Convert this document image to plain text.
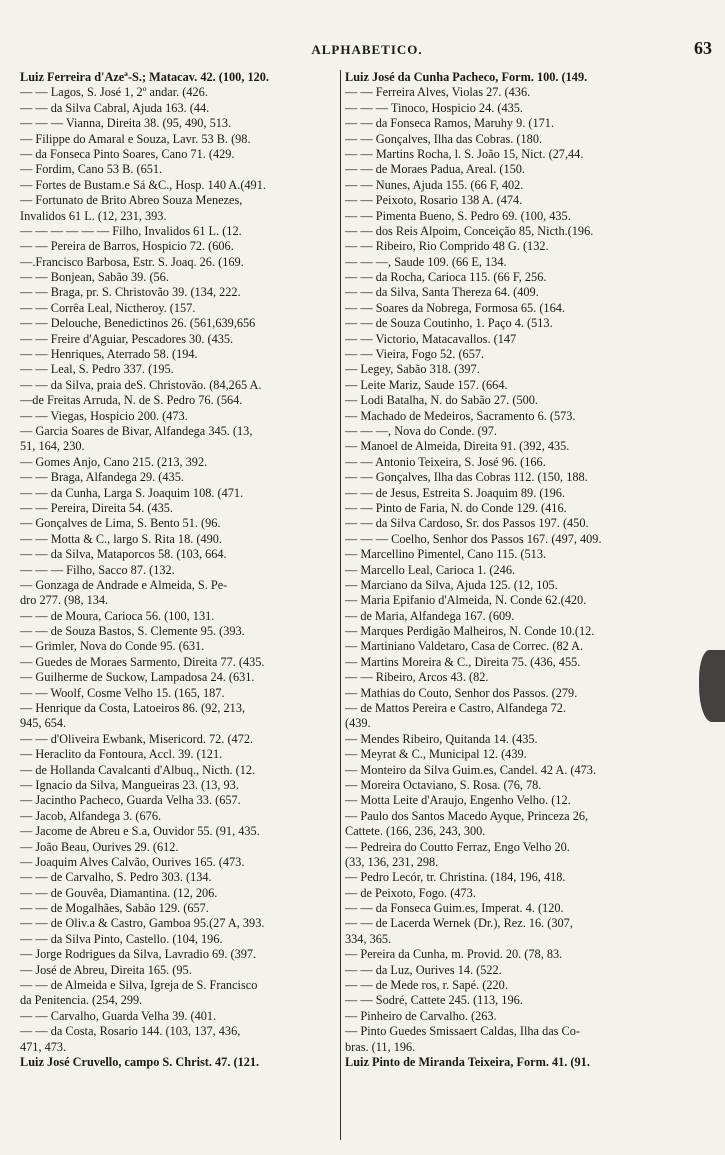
ALPHABETICO.	63
Luiz Ferreira d'Azeª-S.; Matacav. 42. (100, 120.
— — Lagos, S. José 1, 2º andar. (426.
— — da Silva Cabral, Ajuda 163. (44.
— — — Vianna, Direita 38. (95, 490, 513.
— Filippe do Amaral e Souza, Lavr. 53 B. (98.
— da Fonseca Pinto Soares, Cano 71. (429.
— Fordim, Cano 53 B. (651.
— Fortes de Bustam.e Sá &C., Hosp. 140 A.(491.
— Fortunato de Brito Abreo Souza Menezes,
Invalidos 61 L. (12, 231, 393.
— — — — — — Filho, Invalidos 61 L. (12.
— — Pereira de Barros, Hospicio 72. (606.
—.Francisco Barbosa, Estr. S. Joaq. 26. (169.
— — Bonjean, Sabão 39. (56.
— — Braga, pr. S. Christovão 39. (134, 222.
— — Corrêa Leal, Nictheroy. (157.
— — Delouche, Benedictinos 26. (561,639,656
— — Freire d'Aguiar, Pescadores 30. (435.
— — Henriques, Aterrado 58. (194.
— — Leal, S. Pedro 337. (195.
— — da Silva, praia deS. Christovão. (84,265 A.
—de Freitas Arruda, N. de S. Pedro 76. (564.
— — Viegas, Hospicio 200. (473.
— Garcia Soares de Bivar, Alfandega 345. (13,
51, 164, 230.
— Gomes Anjo, Cano 215. (213, 392.
— — Braga, Alfandega 29. (435.
— — da Cunha, Larga S. Joaquim 108. (471.
— — Pereira, Direita 54. (435.
— Gonçalves de Lima, S. Bento 51. (96.
— — Motta & C., largo S. Rita 18. (490.
— — da Silva, Mataporcos 58. (103, 664.
— — — Filho, Sacco 87. (132.
— Gonzaga de Andrade e Almeida, S. Pe-
dro 277. (98, 134.
— — de Moura, Carioca 56. (100, 131.
— — de Souza Bastos, S. Clemente 95. (393.
— Grimler, Nova do Conde 95. (631.
— Guedes de Moraes Sarmento, Direita 77. (435.
— Guilherme de Suckow, Lampadosa 24. (631.
— — Woolf, Cosme Velho 15. (165, 187.
— Henrique da Costa, Latoeiros 86. (92, 213,
945, 654.
— — d'Oliveira Ewbank, Misericord. 72. (472.
— Heraclito da Fontoura, Accl. 39. (121.
— de Hollanda Cavalcanti d'Albuq., Nicth. (12.
— Ignacio da Silva, Mangueiras 23. (13, 93.
— Jacintho Pacheco, Guarda Velha 33. (657.
— Jacob, Alfandega 3. (676.
— Jacome de Abreu e S.a, Ouvidor 55. (91, 435.
— João Beau, Ourives 29. (612.
— Joaquim Alves Calvão, Ourives 165. (473.
— — de Carvalho, S. Pedro 303. (134.
— — de Gouvêa, Diamantina. (12, 206.
— — de Mogalhães, Sabão 129. (657.
— — de Oliv.a & Castro, Gamboa 95.(27 A, 393.
— — da Silva Pinto, Castello. (104, 196.
— Jorge Rodrigues da Silva, Lavradio 69. (397.
— José de Abreu, Direita 165. (95.
— — de Almeida e Silva, Igreja de S. Francisco
da Penitencia. (254, 299.
— — Carvalho, Guarda Velha 39. (401.
— — da Costa, Rosario 144. (103, 137, 436,
471, 473.
Luiz José Cruvello, campo S. Christ. 47. (121.
Luiz José da Cunha Pacheco, Form. 100. (149.
— — Ferreira Alves, Violas 27. (436.
— — — Tinoco, Hospicio 24. (435.
— — da Fonseca Ramos, Maruhy 9. (171.
— — Gonçalves, Ilha das Cobras. (180.
— — Martins Rocha, l. S. João 15, Nict. (27,44.
— — de Moraes Padua, Areal. (150.
— — Nunes, Ajuda 155. (66 F, 402.
— — Peixoto, Rosario 138 A. (474.
— — Pimenta Bueno, S. Pedro 69. (100, 435.
— — dos Reis Alpoim, Conceição 85, Nicth.(196.
— — Ribeiro, Rio Comprido 48 G. (132.
— — —, Saude 109. (66 E, 134.
— — da Rocha, Carioca 115. (66 F, 256.
— — da Silva, Santa Thereza 64. (409.
— — Soares da Nobrega, Formosa 65. (164.
— — de Souza Coutinho, 1. Paço 4. (513.
— — Victorio, Matacavallos. (147
— — Vieira, Fogo 52. (657.
— Legey, Sabão 318. (397.
— Leite Mariz, Saude 157. (664.
— Lodi Batalha, N. do Sabão 27. (500.
— Machado de Medeiros, Sacramento 6. (573.
— — —, Nova do Conde. (97.
— Manoel de Almeida, Direita 91. (392, 435.
— — Antonio Teixeira, S. José 96. (166.
— — Gonçalves, Ilha das Cobras 112. (150, 188.
— — de Jesus, Estreita S. Joaquim 89. (196.
— — Pinto de Faria, N. do Conde 129. (416.
— — da Silva Cardoso, Sr. dos Passos 197. (450.
— — — Coelho, Senhor dos Passos 167. (497, 409.
— Marcellino Pimentel, Cano 115. (513.
— Marcello Leal, Carioca 1. (246.
— Marciano da Silva, Ajuda 125. (12, 105.
— Maria Epifanio d'Almeida, N. Conde 62.(420.
— de Maria, Alfandega 167. (609.
— Marques Perdigão Malheiros, N. Conde 10.(12.
— Martiniano Valdetaro, Casa de Correc. (82 A.
— Martins Moreira & C., Direita 75. (436, 455.
— — Ribeiro, Arcos 43. (82.
— Mathias do Couto, Senhor dos Passos. (279.
— de Mattos Pereira e Castro, Alfandega 72.
(439.
— Mendes Ribeiro, Quitanda 14. (435.
— Meyrat & C., Municipal 12. (439.
— Monteiro da Silva Guim.es, Candel. 42 A. (473.
— Moreira Octaviano, S. Rosa. (76, 78.
— Motta Leite d'Araujo, Engenho Velho. (12.
— Paulo dos Santos Macedo Ayque, Princeza 26,
Cattete. (166, 236, 243, 300.
— Pedreira do Coutto Ferraz, Engo Velho 20.
(33, 136, 231, 298.
— Pedro Lecór, tr. Christina. (184, 196, 418.
— de Peixoto, Fogo. (473.
— — da Fonseca Guim.es, Imperat. 4. (120.
— — de Lacerda Wernek (Dr.), Rez. 16. (307,
334, 365.
— Pereira da Cunha, m. Provid. 20. (78, 83.
— — da Luz, Ourives 14. (522.
— — de Mede ros, r. Sapé. (220.
— — Sodré, Cattete 245. (113, 196.
— Pinheiro de Carvalho. (263.
— Pinto Guedes Smissaert Caldas, Ilha das Co-
bras. (11, 196.
Luiz Pinto de Miranda Teixeira, Form. 41. (91.
